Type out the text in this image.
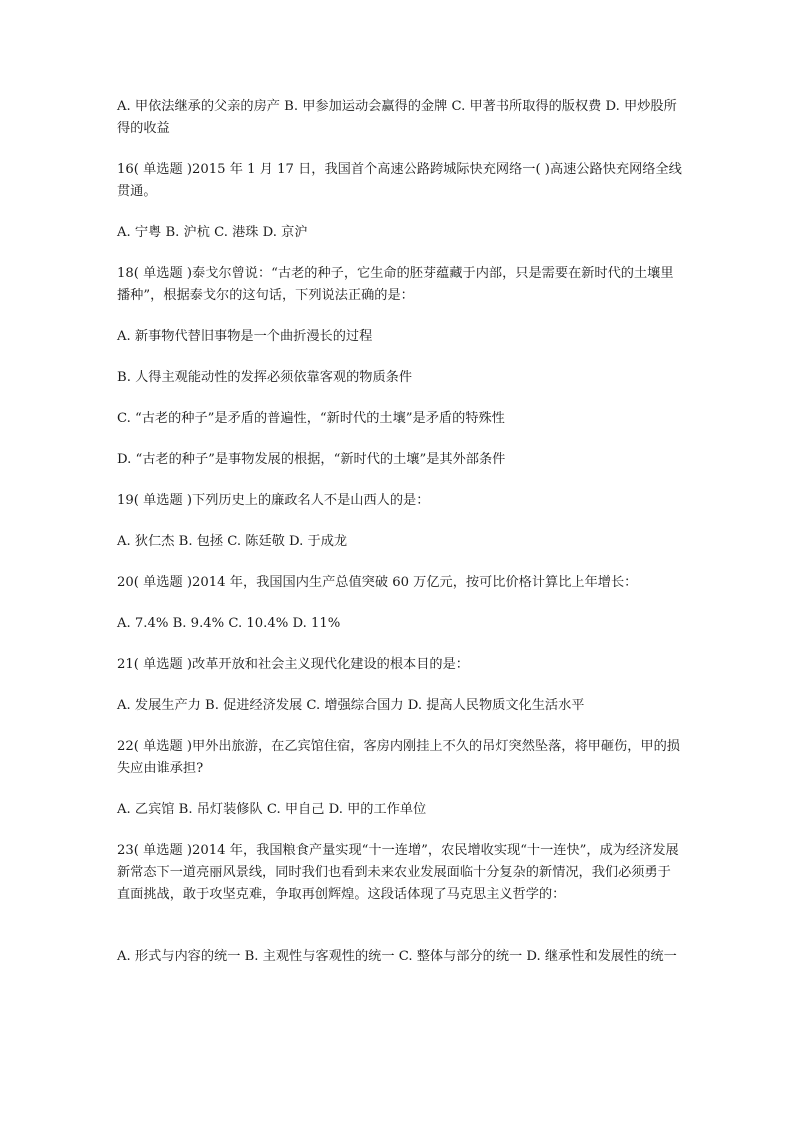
A. 甲依法继承的父亲的房产 B. 甲参加运动会赢得的金牌 C. 甲著书所取得的版权费 D. 甲炒股所得的收益

16( 单选题 )2015 年 1 月 17 日，我国首个高速公路跨城际快充网络一( )高速公路快充网络全线贯通。

A. 宁粤 B. 沪杭 C. 港珠 D. 京沪

18( 单选题 )泰戈尔曾说：“古老的种子，它生命的胚芽蕴藏于内部，只是需要在新时代的土壤里播种”，根据泰戈尔的这句话，下列说法正确的是：

A. 新事物代替旧事物是一个曲折漫长的过程

B. 人得主观能动性的发挥必须依靠客观的物质条件

C. “古老的种子”是矛盾的普遍性，“新时代的土壤”是矛盾的特殊性

D. “古老的种子”是事物发展的根据，“新时代的土壤”是其外部条件

19( 单选题 )下列历史上的廉政名人不是山西人的是：

A. 狄仁杰 B. 包拯 C. 陈廷敬 D. 于成龙

20( 单选题 )2014 年，我国国内生产总值突破 60 万亿元，按可比价格计算比上年增长：

A. 7.4% B. 9.4% C. 10.4% D. 11%

21( 单选题 )改革开放和社会主义现代化建设的根本目的是：

A. 发展生产力 B. 促进经济发展 C. 增强综合国力 D. 提高人民物质文化生活水平

22( 单选题 )甲外出旅游，在乙宾馆住宿，客房内刚挂上不久的吊灯突然坠落，将甲砸伤，甲的损失应由谁承担?

A. 乙宾馆 B. 吊灯装修队 C. 甲自己 D. 甲的工作单位

23( 单选题 )2014 年，我国粮食产量实现“十一连增”，农民增收实现“十一连快”，成为经济发展新常态下一道亮丽风景线，同时我们也看到未来农业发展面临十分复杂的新情况，我们必须勇于直面挑战，敢于攻坚克难，争取再创辉煌。这段话体现了马克思主义哲学的：

A. 形式与内容的统一 B. 主观性与客观性的统一 C. 整体与部分的统一 D. 继承性和发展性的统一
